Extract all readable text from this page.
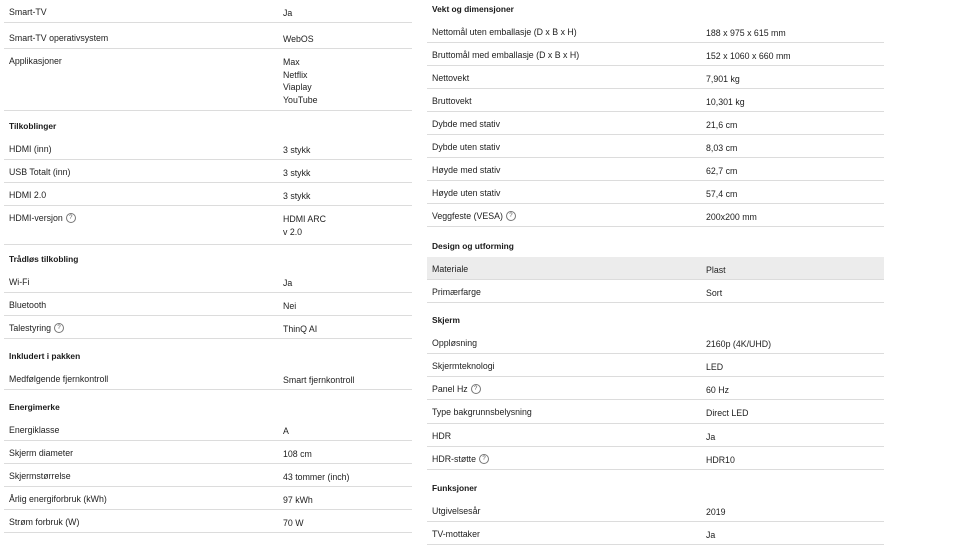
Smart-TV	Ja
Smart-TV operativsystem	WebOS
Applikasjoner	Max
Netflix
Viaplay
YouTube
Tilkoblinger
HDMI (inn)	3 stykk
USB Totalt (inn)	3 stykk
HDMI 2.0	3 stykk
HDMI-versjon ?	HDMI ARC
v 2.0
Trådløs tilkobling
Wi-Fi	Ja
Bluetooth	Nei
Talestyring ?	ThinQ AI
Inkludert i pakken
Medfølgende fjernkontroll	Smart fjernkontroll
Energimerke
Energiklasse	A
Skjerm diameter	108 cm
Skjermstørrelse	43 tommer (inch)
Årlig energiforbruk (kWh)	97 kWh
Strøm forbruk (W)	70 W
Vekt og dimensjoner
Nettomål uten emballasje (D x B x H)	188 x 975 x 615 mm
Bruttomål med emballasje (D x B x H)	152 x 1060 x 660 mm
Nettovekt	7,901 kg
Bruttovekt	10,301 kg
Dybde med stativ	21,6 cm
Dybde uten stativ	8,03 cm
Høyde med stativ	62,7 cm
Høyde uten stativ	57,4 cm
Veggfeste (VESA) ?	200x200 mm
Design og utforming
Materiale	Plast
Primærfarge	Sort
Skjerm
Oppløsning	2160p (4K/UHD)
Skjermteknologi	LED
Panel Hz ?	60 Hz
Type bakgrunnsbelysning	Direct LED
HDR	Ja
HDR-støtte ?	HDR10
Funksjoner
Utgivelsesår	2019
TV-mottaker	Ja
